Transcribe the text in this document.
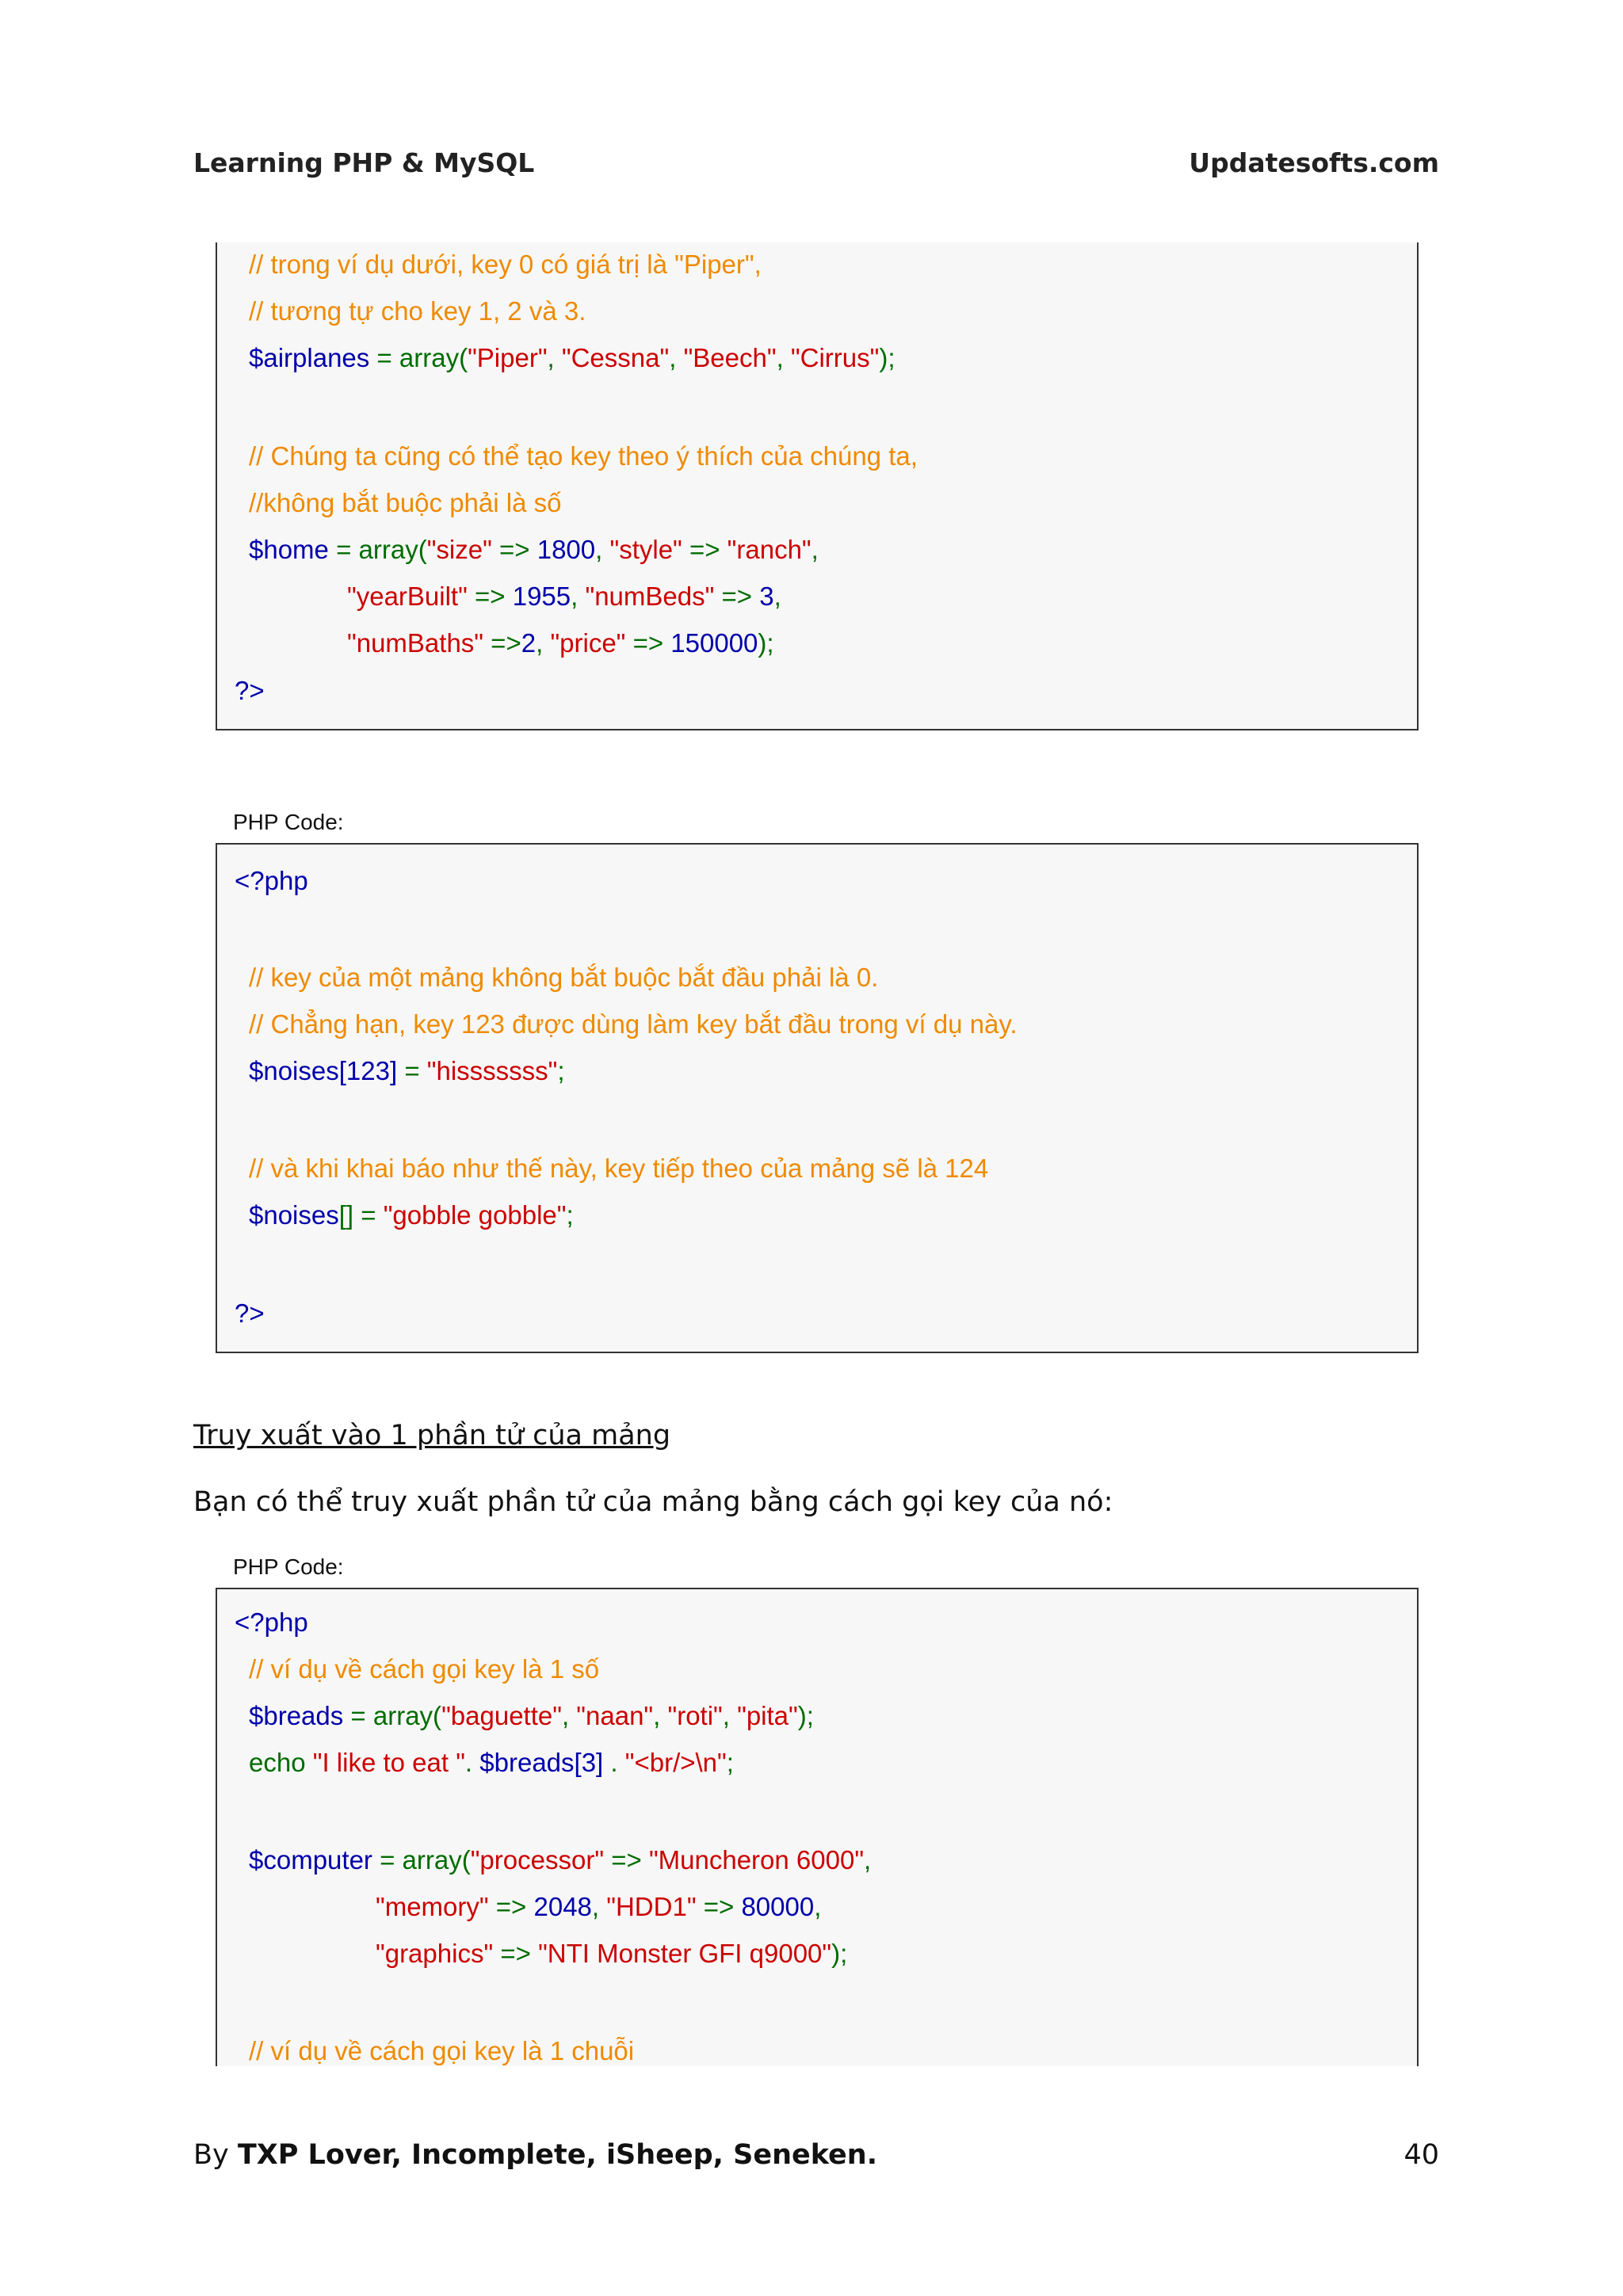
Learning PHP & MySQL	Updatesofts.com
// trong ví dụ dưới, key 0 có giá trị là "Piper",
// tương tự cho key 1, 2 và 3.
$airplanes = array("Piper", "Cessna", "Beech", "Cirrus");
// Chúng ta cũng có thể tạo key theo ý thích của chúng ta,
//không bắt buộc phải là số
$home = array("size" => 1800, "style" => "ranch",
"yearBuilt" => 1955, "numBeds" => 3,
"numBaths" =>2, "price" => 150000);
?>
PHP Code:
<?php
// key của một mảng không bắt buộc bắt đầu phải là 0.
// Chẳng hạn, key 123 được dùng làm key bắt đầu trong ví dụ này.
$noises[123] = "hisssssss";
// và khi khai báo như thế này, key tiếp theo của mảng sẽ là 124
$noises[] = "gobble gobble";
?>
Truy xuất vào 1 phần tử của mảng
Bạn có thể truy xuất phần tử của mảng bằng cách gọi key của nó:
PHP Code:
<?php
// ví dụ về cách gọi key là 1 số
$breads = array("baguette", "naan", "roti", "pita");
echo "I like to eat ". $breads[3] . "<br/>\n";
$computer = array("processor" => "Muncheron 6000",
"memory" => 2048, "HDD1" => 80000,
"graphics" => "NTI Monster GFI q9000");
// ví dụ về cách gọi key là 1 chuỗi
By TXP Lover, Incomplete, iSheep, Seneken.	40
